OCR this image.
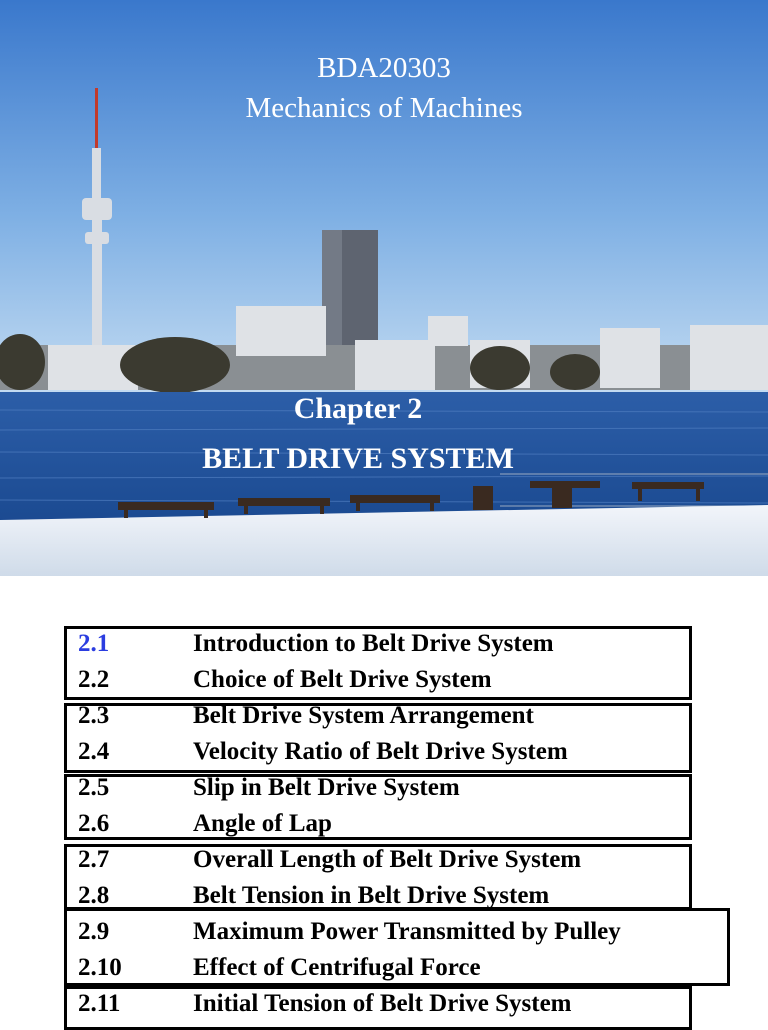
BDA20303
Mechanics of Machines
Chapter 2
BELT DRIVE SYSTEM
2.1	Introduction to Belt Drive System
2.2	Choice of Belt Drive System
2.3	Belt Drive System Arrangement
2.4	Velocity Ratio of Belt Drive System
2.5	Slip in Belt Drive System
2.6	Angle of Lap
2.7	Overall Length of Belt Drive System
2.8	Belt Tension in Belt Drive System
2.9	Maximum Power Transmitted by Pulley
2.10	Effect of Centrifugal Force
2.11	Initial Tension of Belt Drive System
